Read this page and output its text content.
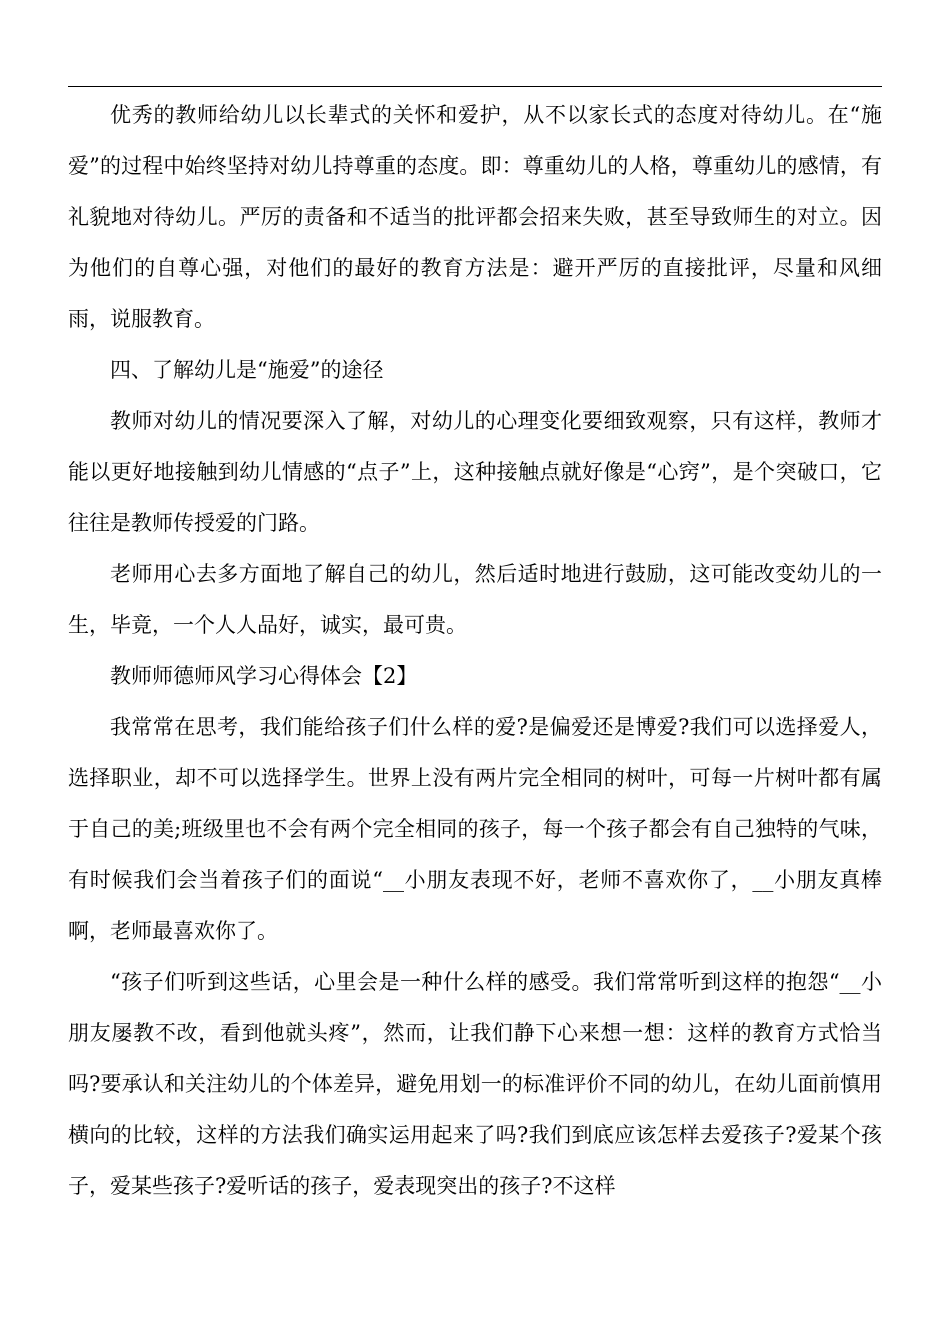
优秀的教师给幼儿以长辈式的关怀和爱护，从不以家长式的态度对待幼儿。在“施爱”的过程中始终坚持对幼儿持尊重的态度。即：尊重幼儿的人格，尊重幼儿的感情，有礼貌地对待幼儿。严厉的责备和不适当的批评都会招来失败，甚至导致师生的对立。因为他们的自尊心强，对他们的最好的教育方法是：避开严厉的直接批评，尽量和风细雨，说服教育。

四、了解幼儿是“施爱”的途径

教师对幼儿的情况要深入了解，对幼儿的心理变化要细致观察，只有这样，教师才能以更好地接触到幼儿情感的“点子”上，这种接触点就好像是“心窍”，是个突破口，它往往是教师传授爱的门路。

老师用心去多方面地了解自己的幼儿，然后适时地进行鼓励，这可能改变幼儿的一生，毕竟，一个人人品好，诚实，最可贵。

教师师德师风学习心得体会【2】

我常常在思考，我们能给孩子们什么样的爱?是偏爱还是博爱?我们可以选择爱人，选择职业，却不可以选择学生。世界上没有两片完全相同的树叶，可每一片树叶都有属于自己的美;班级里也不会有两个完全相同的孩子，每一个孩子都会有自己独特的气味，有时候我们会当着孩子们的面说“__小朋友表现不好，老师不喜欢你了，__小朋友真棒啊，老师最喜欢你了。

“孩子们听到这些话，心里会是一种什么样的感受。我们常常听到这样的抱怨“__小朋友屡教不改，看到他就头疼”，然而，让我们静下心来想一想：这样的教育方式恰当吗?要承认和关注幼儿的个体差异，避免用划一的标准评价不同的幼儿，在幼儿面前慎用横向的比较，这样的方法我们确实运用起来了吗?我们到底应该怎样去爱孩子?爱某个孩子，爱某些孩子?爱听话的孩子，爱表现突出的孩子?不这样
